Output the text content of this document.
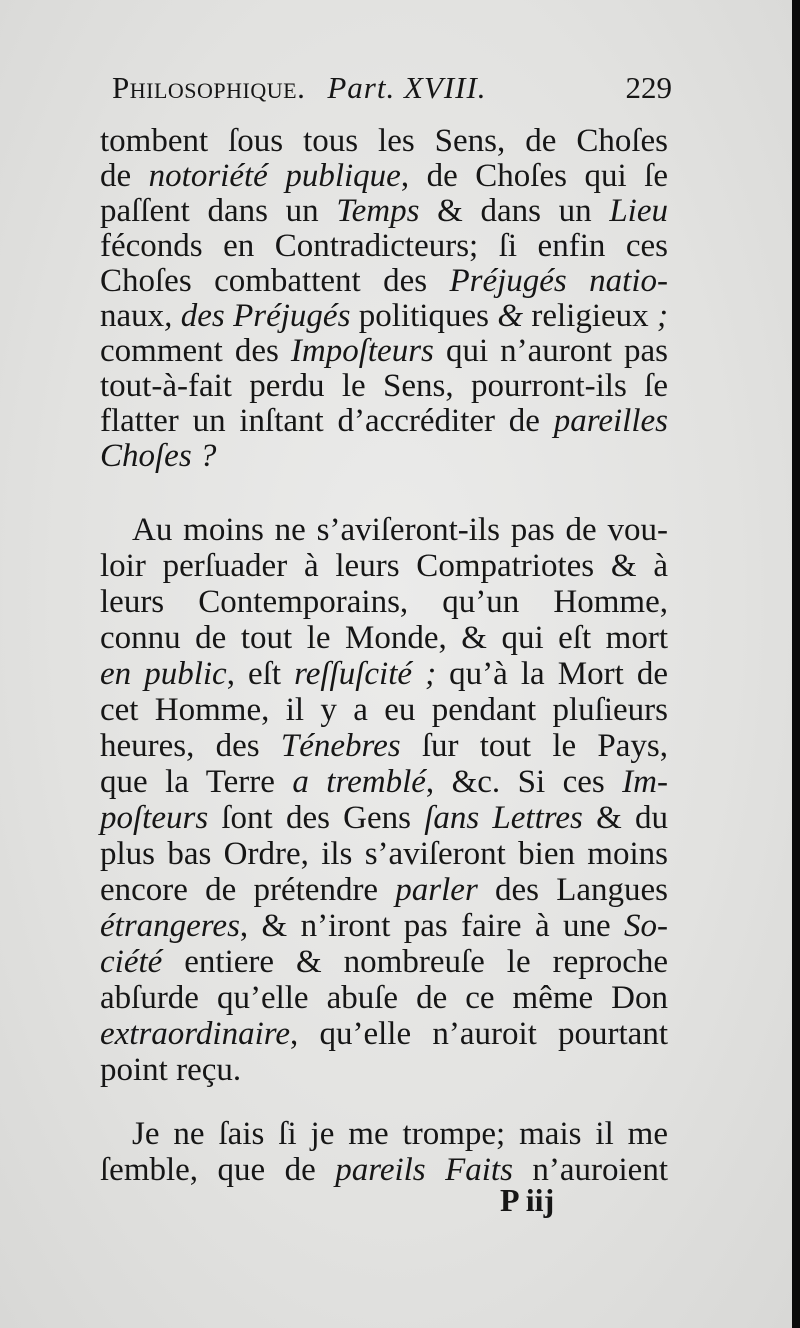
Philosophique. Part. XVIII.	229
tombent ſous tous les Sens, de Choſes
de notoriété publique, de Choſes qui ſe
paſſent dans un Temps & dans un Lieu
féconds en Contradicteurs; ſi enfin ces
Choſes combattent des Préjugés natio-
naux, des Préjugés politiques & religieux ;
comment des Impoſteurs qui n’auront pas
tout-à-fait perdu le Sens, pourront-ils ſe
flatter un inſtant d’accréditer de pareilles
Choſes ?
Au moins ne s’aviſeront-ils pas de vou-
loir perſuader à leurs Compatriotes & à
leurs Contemporains, qu’un Homme,
connu de tout le Monde, & qui eſt mort
en public, eſt reſſuſcité ; qu’à la Mort de
cet Homme, il y a eu pendant pluſieurs
heures, des Ténebres ſur tout le Pays,
que la Terre a tremblé, &c. Si ces Im-
poſteurs ſont des Gens ſans Lettres & du
plus bas Ordre, ils s’aviſeront bien moins
encore de prétendre parler des Langues
étrangeres, & n’iront pas faire à une So-
ciété entiere & nombreuſe le reproche
abſurde qu’elle abuſe de ce même Don
extraordinaire, qu’elle n’auroit pourtant
point reçu.
Je ne ſais ſi je me trompe; mais il me
ſemble, que de pareils Faits n’auroient
P iij
